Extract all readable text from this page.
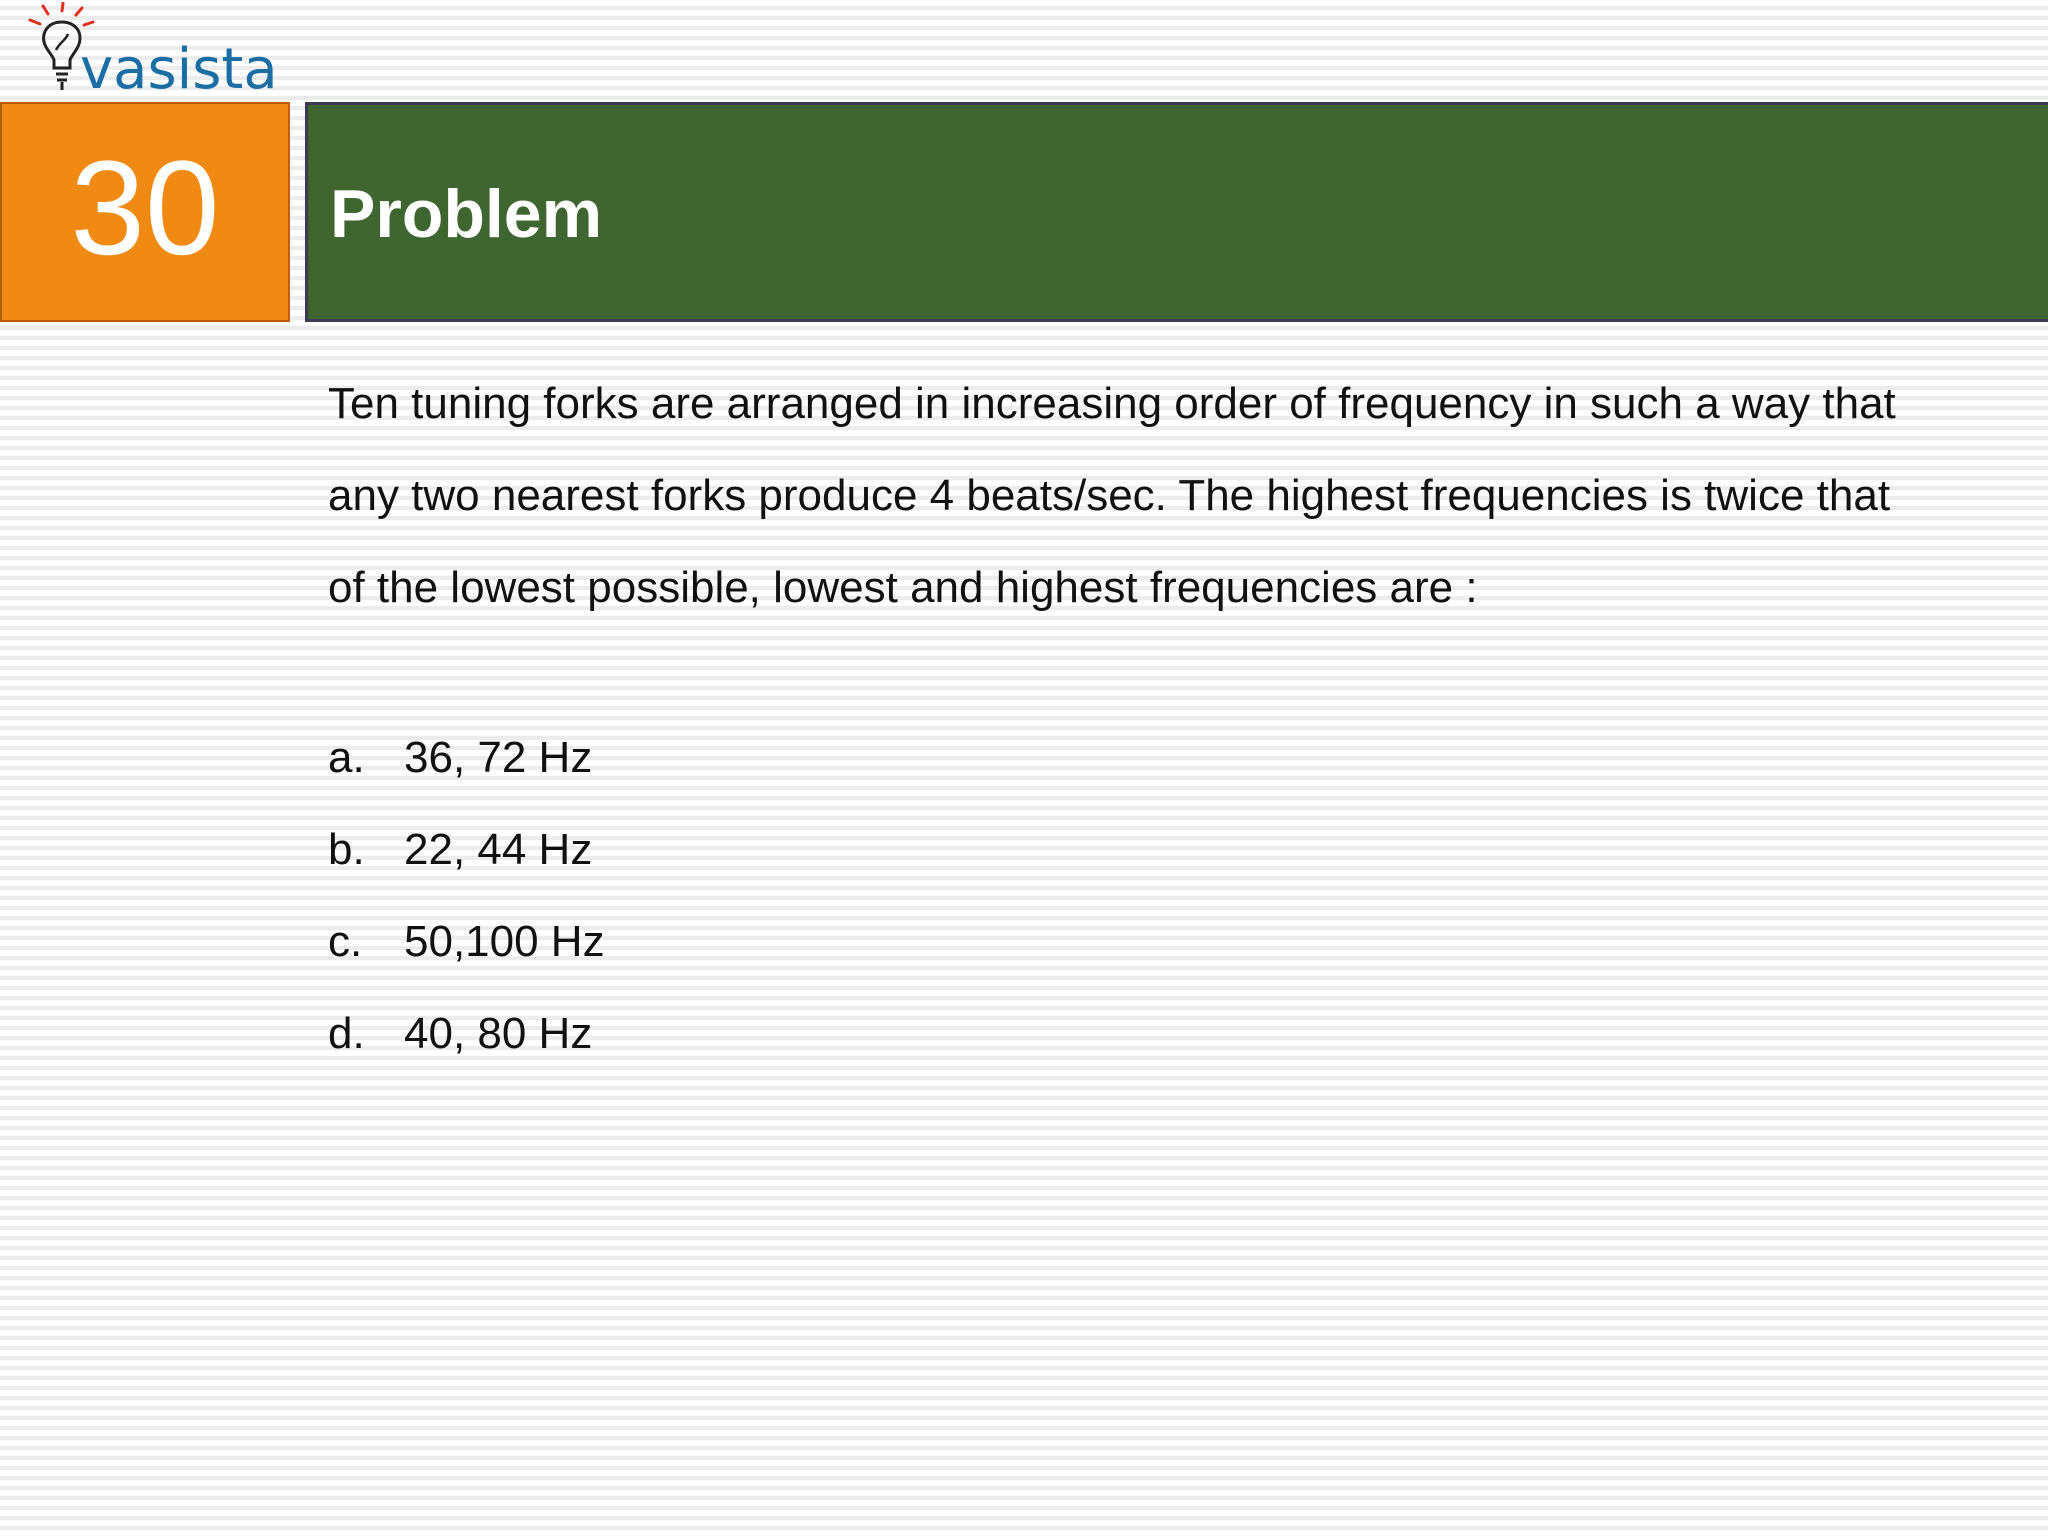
vasista
30 Problem

Ten tuning forks are arranged in increasing order of frequency in such a way that

any two nearest forks produce 4 beats/sec. The highest frequencies is twice that

of the lowest possible, lowest and highest frequencies are :

a. 36, 72 Hz
b. 22, 44 Hz
c. 50,100 Hz
d. 40, 80 Hz
